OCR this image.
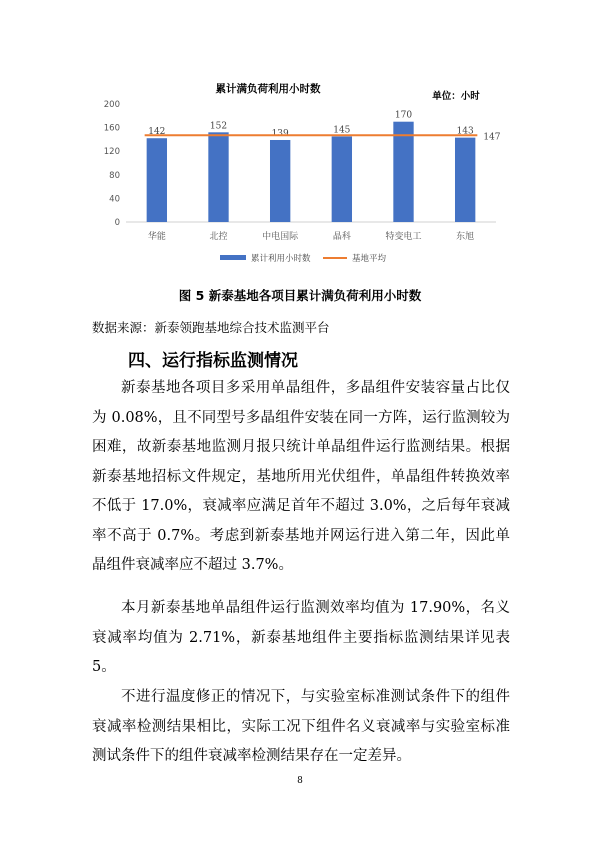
累计满负荷利用小时数
单位：小时
0
40
80
120
160
200
142
华能
152
北控
139
中电国际
145
晶科
170
特变电工
143
东旭
147
累计利用小时数	基地平均
图 5 新泰基地各项目累计满负荷利用小时数
数据来源：新泰领跑基地综合技术监测平台
四、运行指标监测情况

新泰基地各项目多采用单晶组件，多晶组件安装容量占比仅为 0.08%，且不同型号多晶组件安装在同一方阵，运行监测较为困难，故新泰基地监测月报只统计单晶组件运行监测结果。根据新泰基地招标文件规定，基地所用光伏组件，单晶组件转换效率不低于 17.0%，衰减率应满足首年不超过 3.0%，之后每年衰减率不高于 0.7%。考虑到新泰基地并网运行进入第二年，因此单晶组件衰减率应不超过 3.7%。

本月新泰基地单晶组件运行监测效率均值为 17.90%，名义衰减率均值为 2.71%，新泰基地组件主要指标监测结果详见表 5。

不进行温度修正的情况下，与实验室标准测试条件下的组件衰减率检测结果相比，实际工况下组件名义衰减率与实验室标准测试条件下的组件衰减率检测结果存在一定差异。

8
